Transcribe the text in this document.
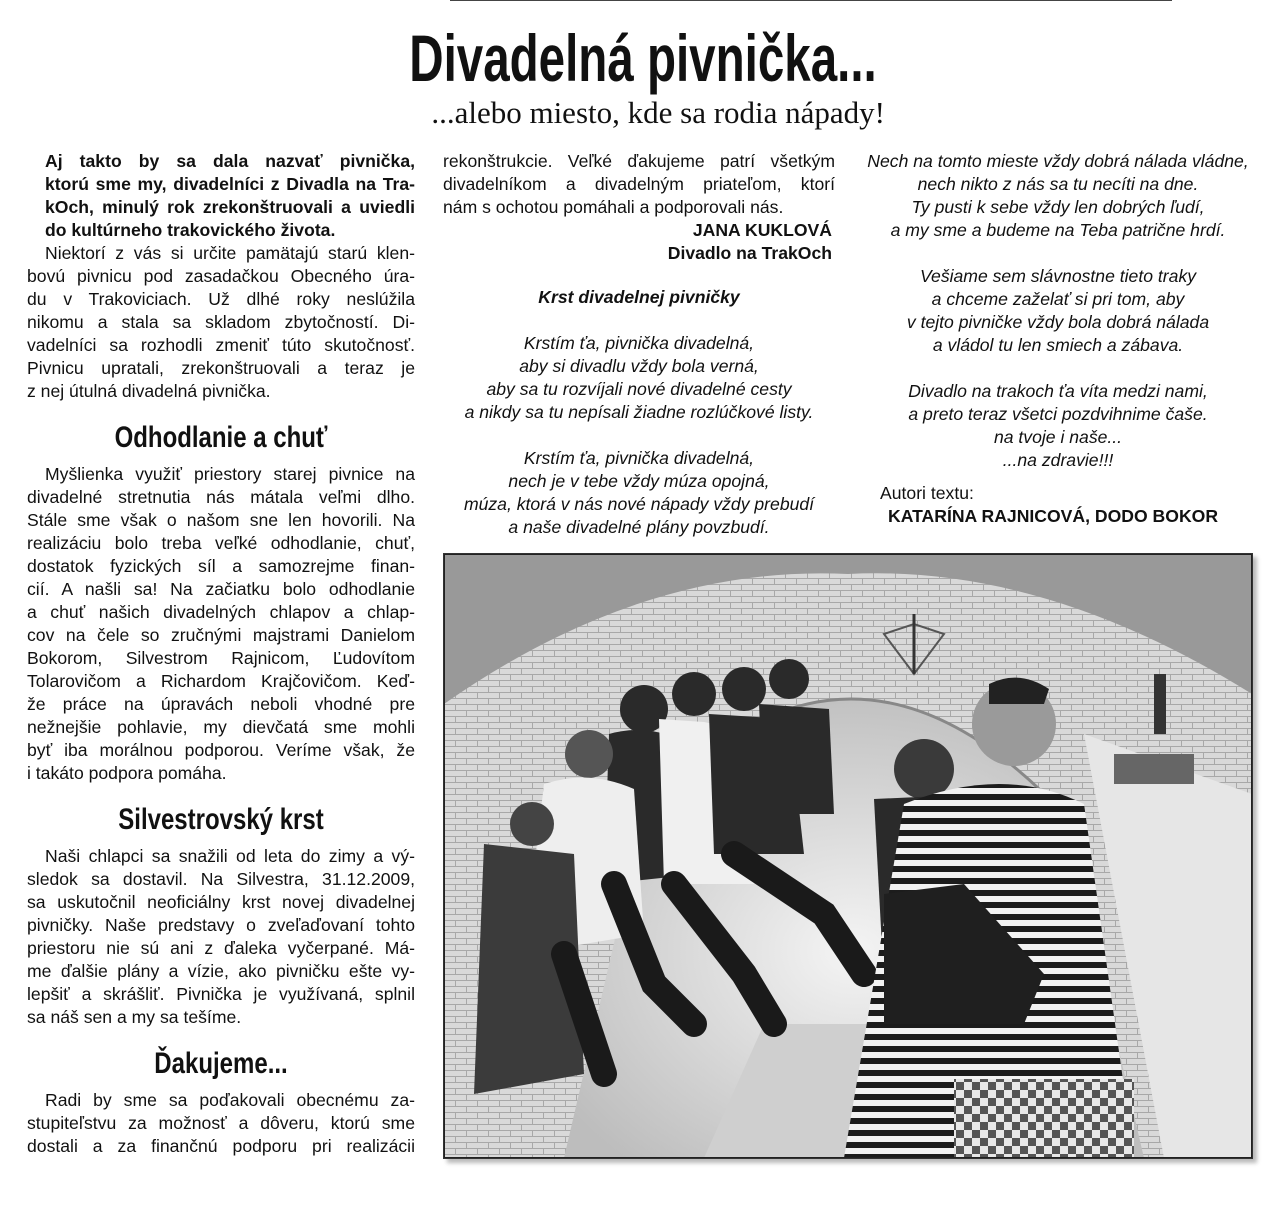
Divadelná pivnička...
...alebo miesto, kde sa rodia nápady!

Aj takto by sa dala nazvať pivnička,

ktorú sme my, divadelníci z Divadla na Tra-

kOch, minulý rok zrekonštruovali a uviedli

do kultúrneho trakovického života.

Niektorí z vás si určite pamätajú starú klen-

bovú pivnicu pod zasadačkou Obecného úra-

du v Trakoviciach. Už dlhé roky neslúžila

nikomu a stala sa skladom zbytočností. Di-

vadelníci sa rozhodli zmeniť túto skutočnosť.

Pivnicu upratali, zrekonštruovali a teraz je

z nej útulná divadelná pivnička.

Odhodlanie a chuť

Myšlienka využiť priestory starej pivnice na

divadelné stretnutia nás mátala veľmi dlho.

Stále sme však o našom sne len hovorili. Na

realizáciu bolo treba veľké odhodlanie, chuť,

dostatok fyzických síl a samozrejme finan-

cií. A našli sa! Na začiatku bolo odhodlanie

a chuť našich divadelných chlapov a chlap-

cov na čele so zručnými majstrami Danielom

Bokorom, Silvestrom Rajnicom, Ľudovítom

Tolarovičom a Richardom Krajčovičom. Keď-

že práce na úpravách neboli vhodné pre

nežnejšie pohlavie, my dievčatá sme mohli

byť iba morálnou podporou. Veríme však, že

i takáto podpora pomáha.

Silvestrovský krst

Naši chlapci sa snažili od leta do zimy a vý-

sledok sa dostavil. Na Silvestra, 31.12.2009,

sa uskutočnil neoficiálny krst novej divadelnej

pivničky. Naše predstavy o zveľaďovaní tohto

priestoru nie sú ani z ďaleka vyčerpané. Má-

me ďalšie plány a vízie, ako pivničku ešte vy-

lepšiť a skrášliť. Pivnička je využívaná, splnil

sa náš sen a my sa tešíme.

Ďakujeme...

Radi by sme sa poďakovali obecnému za-

stupiteľstvu za možnosť a dôveru, ktorú sme

dostali a za finančnú podporu pri realizácii

rekonštrukcie. Veľké ďakujeme patrí všetkým

divadelníkom a divadelným priateľom, ktorí

nám s ochotou pomáhali a podporovali nás.

JANA KUKLOVÁ

Divadlo na TrakOch

Krst divadelnej pivničky

Krstím ťa, pivnička divadelná,

aby si divadlu vždy bola verná,

aby sa tu rozvíjali nové divadelné cesty

a nikdy sa tu nepísali žiadne rozlúčkové listy.

Krstím ťa, pivnička divadelná,

nech je v tebe vždy múza opojná,

múza, ktorá v nás nové nápady vždy prebudí

a naše divadelné plány povzbudí.

Nech na tomto mieste vždy dobrá nálada vládne,

nech nikto z nás sa tu necíti na dne.

Ty pusti k sebe vždy len dobrých ľudí,

a my sme a budeme na Teba patrične hrdí.

Vešiame sem slávnostne tieto traky

a chceme zaželať si pri tom, aby

v tejto pivničke vždy bola dobrá nálada

a vládol tu len smiech a zábava.

Divadlo na trakoch ťa víta medzi nami,

a preto teraz všetci pozdvihnime čaše.

na tvoje i naše...

...na zdravie!!!

Autori textu:

KATARÍNA RAJNICOVÁ, DODO BOKOR
